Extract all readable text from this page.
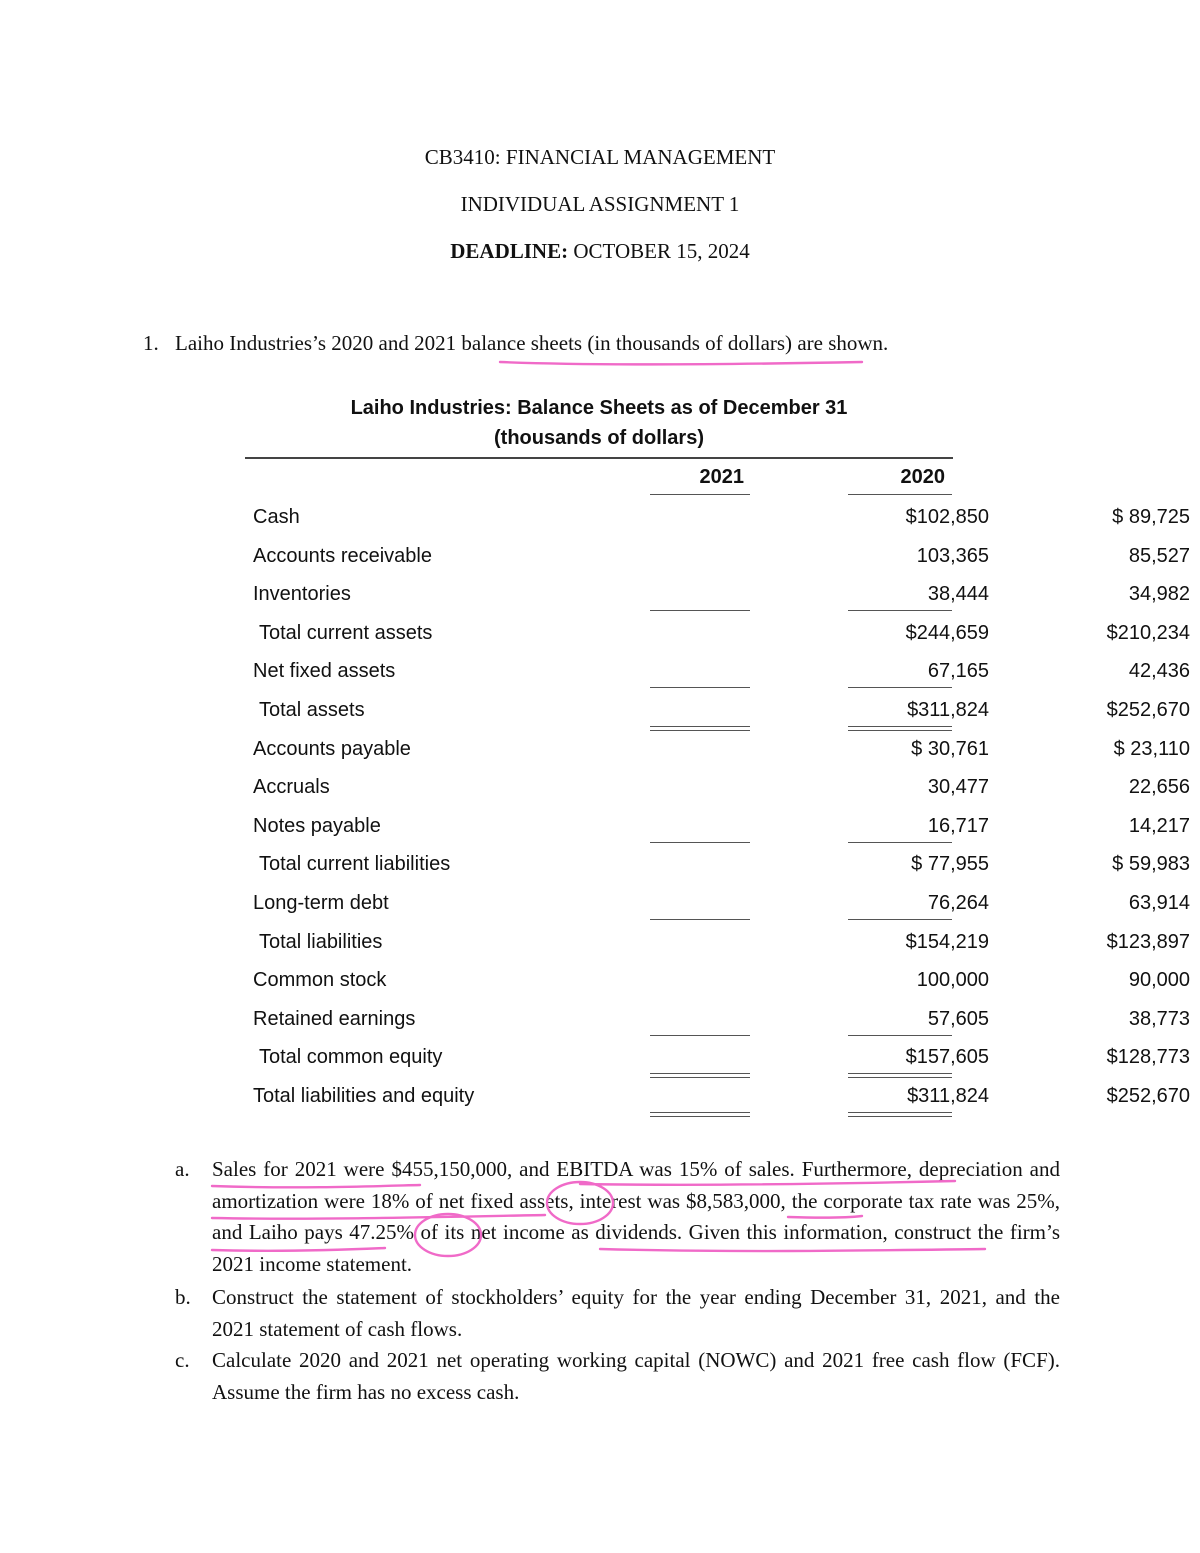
CB3410: FINANCIAL MANAGEMENT
INDIVIDUAL ASSIGNMENT 1
DEADLINE: OCTOBER 15, 2024
1. Laiho Industries’s 2020 and 2021 balance sheets (in thousands of dollars) are shown.
Laiho Industries: Balance Sheets as of December 31
(thousands of dollars)
2021	2020
Cash	$102,850	$ 89,725
Accounts receivable	103,365	85,527
Inventories	38,444	34,982
Total current assets	$244,659	$210,234
Net fixed assets	67,165	42,436
Total assets	$311,824	$252,670
Accounts payable	$ 30,761	$ 23,110
Accruals	30,477	22,656
Notes payable	16,717	14,217
Total current liabilities	$ 77,955	$ 59,983
Long-term debt	76,264	63,914
Total liabilities	$154,219	$123,897
Common stock	100,000	90,000
Retained earnings	57,605	38,773
Total common equity	$157,605	$128,773
Total liabilities and equity	$311,824	$252,670
a. Sales for 2021 were $455,150,000, and EBITDA was 15% of sales. Furthermore, depreciation and amortization were 18% of net fixed assets, interest was $8,583,000, the corporate tax rate was 25%, and Laiho pays 47.25% of its net income as dividends. Given this information, construct the firm’s 2021 income statement.
b. Construct the statement of stockholders’ equity for the year ending December 31, 2021, and the 2021 statement of cash flows.
c. Calculate 2020 and 2021 net operating working capital (NOWC) and 2021 free cash flow (FCF). Assume the firm has no excess cash.
